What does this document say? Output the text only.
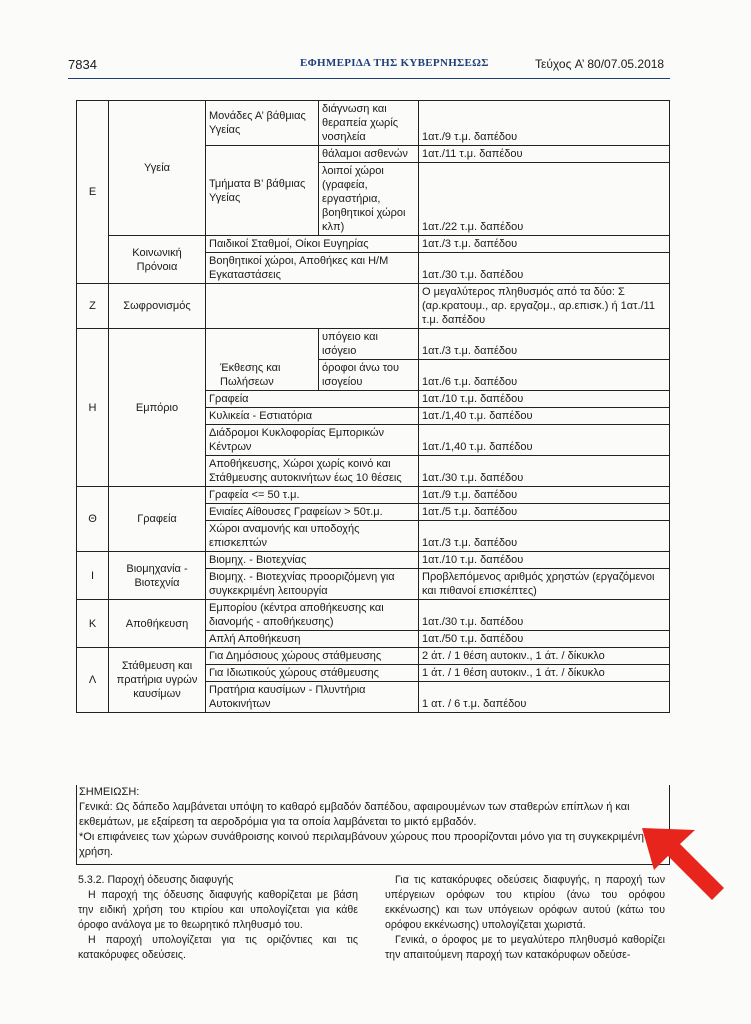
7834	ΕΦΗΜΕΡΙΔΑ ΤΗΣ ΚΥΒΕΡΝΗΣΕΩΣ	Τεύχος A’ 80/07.05.2018
Ε	Υγεία	Μονάδες Α’ βάθμιας Υγείας	διάγνωση και θεραπεία χωρίς νοσηλεία	1ατ./9 τ.μ. δαπέδου
		Τμήματα Β’ βάθμιας Υγείας	θάλαμοι ασθενών	1ατ./11 τ.μ. δαπέδου
			λοιποί χώροι (γραφεία, εργαστήρια, βοηθητικοί χώροι κλπ)	1ατ./22 τ.μ. δαπέδου
	Κοινωνική Πρόνοια	Παιδικοί Σταθμοί, Οίκοι Ευγηρίας		1ατ./3 τ.μ. δαπέδου
		Βοηθητικοί χώροι, Αποθήκες και Η/Μ Εγκαταστάσεις		1ατ./30 τ.μ. δαπέδου
Ζ	Σωφρονισμός			Ο μεγαλύτερος πληθυσμός από τα δύο: Σ (αρ.κρατουμ., αρ. εργαζομ., αρ.επισκ.) ή 1ατ./11 τ.μ. δαπέδου
Η	Εμπόριο	Έκθεσης και Πωλήσεων	υπόγειο και ισόγειο	1ατ./3 τ.μ. δαπέδου
			όροφοι άνω του ισογείου	1ατ./6 τ.μ. δαπέδου
		Γραφεία		1ατ./10 τ.μ. δαπέδου
		Κυλικεία - Εστιατόρια		1ατ./1,40 τ.μ. δαπέδου
		Διάδρομοι Κυκλοφορίας Εμπορικών Κέντρων		1ατ./1,40 τ.μ. δαπέδου
		Αποθήκευσης, Χώροι χωρίς κοινό και Στάθμευσης αυτοκινήτων έως 10 θέσεις		1ατ./30 τ.μ. δαπέδου
Θ	Γραφεία	Γραφεία <= 50 τ.μ.		1ατ./9 τ.μ. δαπέδου
		Ενιαίες Αίθουσες Γραφείων > 50τ.μ.		1ατ./5 τ.μ. δαπέδου
		Χώροι αναμονής και υποδοχής επισκεπτών		1ατ./3 τ.μ. δαπέδου
Ι	Βιομηχανία - Βιοτεχνία	Βιομηχ. - Βιοτεχνίας		1ατ./10 τ.μ. δαπέδου
		Βιομηχ. - Βιοτεχνίας προοριζόμενη για συγκεκριμένη λειτουργία		Προβλεπόμενος αριθμός χρηστών (εργαζόμενοι και πιθανοί επισκέπτες)
Κ	Αποθήκευση	Εμπορίου (κέντρα αποθήκευσης και διανομής - αποθήκευσης)		1ατ./30 τ.μ. δαπέδου
		Απλή Αποθήκευση		1ατ./50 τ.μ. δαπέδου
Λ	Στάθμευση και πρατήρια υγρών καυσίμων	Για Δημόσιους χώρους στάθμευσης		2 άτ. / 1 θέση αυτοκιν., 1 άτ. / δίκυκλο
		Για Ιδιωτικούς χώρους στάθμευσης		1 άτ. / 1 θέση αυτοκιν., 1 άτ. / δίκυκλο
		Πρατήρια καυσίμων - Πλυντήρια Αυτοκινήτων		1 ατ. / 6 τ.μ. δαπέδου
ΣΗΜΕΙΩΣΗ:
Γενικά: Ως δάπεδο λαμβάνεται υπόψη το καθαρό εμβαδόν δαπέδου, αφαιρουμένων των σταθερών επίπλων ή και εκθεμάτων, με εξαίρεση τα αεροδρόμια για τα οποία λαμβάνεται το μικτό εμβαδόν.
*Οι επιφάνειες των χώρων συνάθροισης κοινού περιλαμβάνουν χώρους που προορίζονται μόνο για τη συγκεκριμένη χρήση.

5.3.2. Παροχή όδευσης διαφυγής

Η παροχή της όδευσης διαφυγής καθορίζεται με βάση την ειδική χρήση του κτιρίου και υπολογίζεται για κάθε όροφο ανάλογα με το θεωρητικό πληθυσμό του.

Η παροχή υπολογίζεται για τις οριζόντιες και τις κατακόρυφες οδεύσεις.

Για τις κατακόρυφες οδεύσεις διαφυγής, η παροχή των υπέργειων ορόφων του κτιρίου (άνω του ορόφου εκκένωσης) και των υπόγειων ορόφων αυτού (κάτω του ορόφου εκκένωσης) υπολογίζεται χωριστά.

Γενικά, ο όροφος με το μεγαλύτερο πληθυσμό καθορίζει την απαιτούμενη παροχή των κατακόρυφων οδεύσε-
